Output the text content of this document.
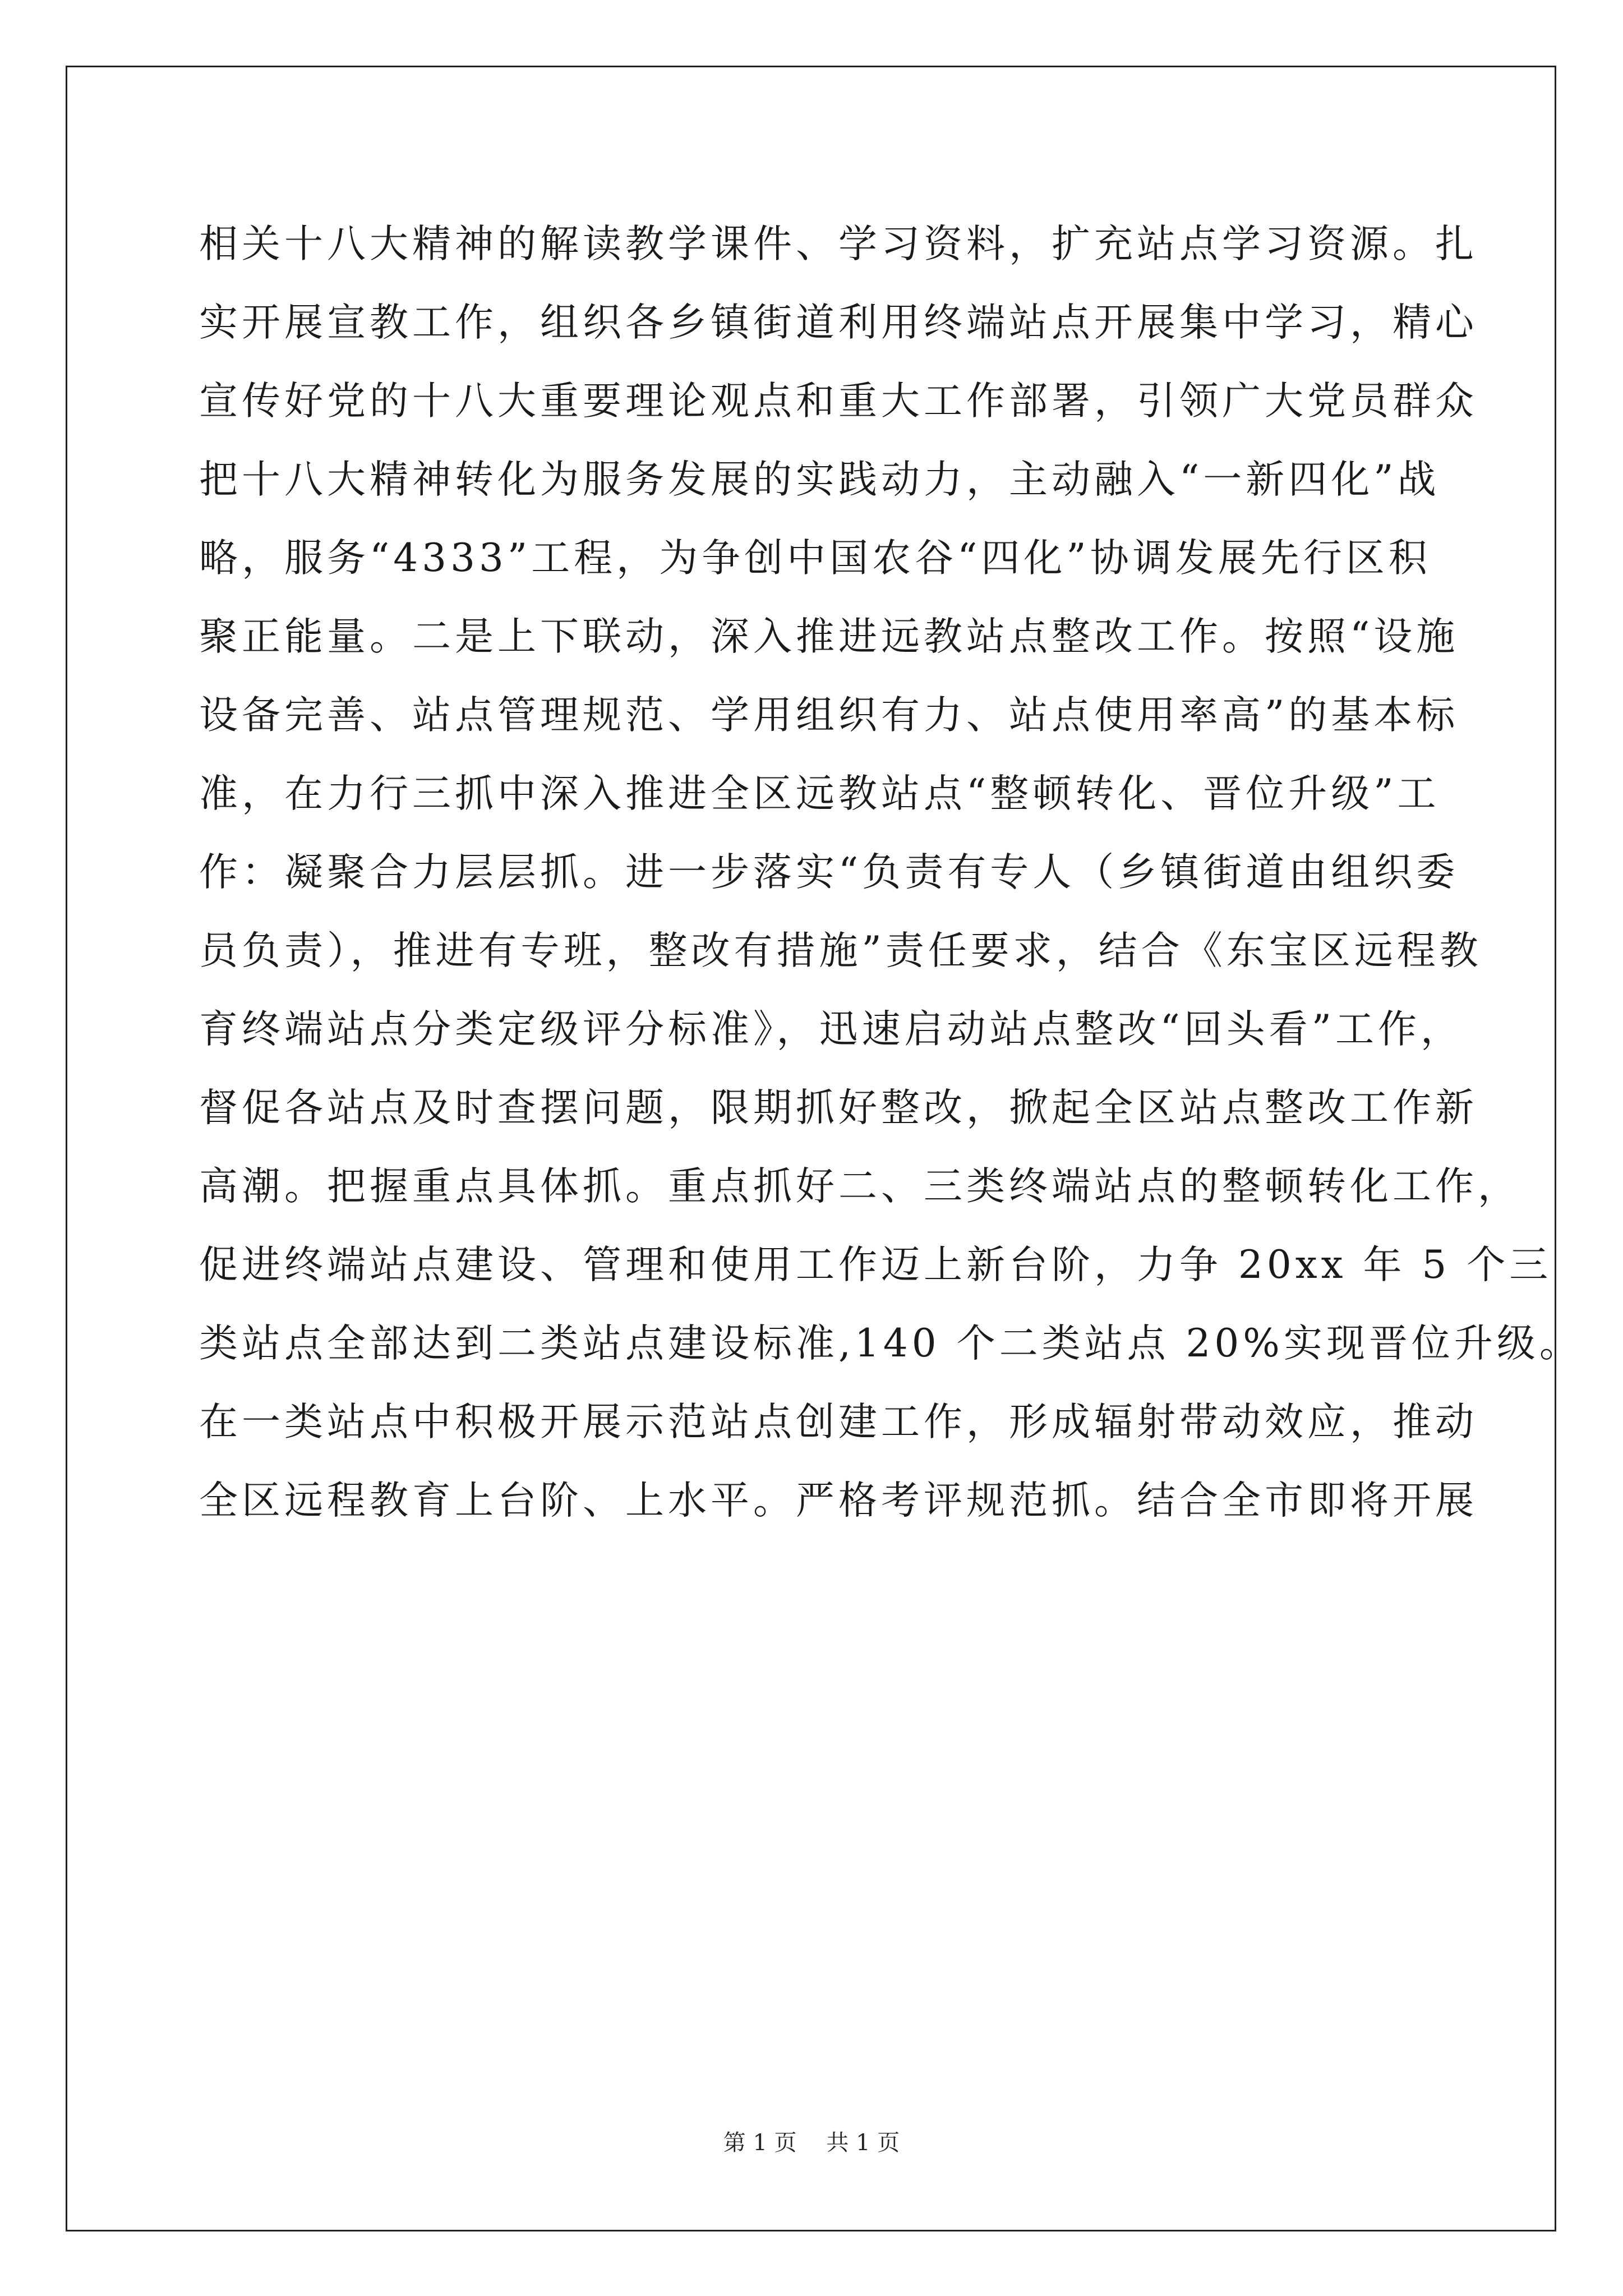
相关十八大精神的解读教学课件、学习资料，扩充站点学习资源。扎
实开展宣教工作，组织各乡镇街道利用终端站点开展集中学习，精心
宣传好党的十八大重要理论观点和重大工作部署，引领广大党员群众
把十八大精神转化为服务发展的实践动力，主动融入“一新四化”战
略，服务“4333”工程，为争创中国农谷“四化”协调发展先行区积
聚正能量。二是上下联动，深入推进远教站点整改工作。按照“设施
设备完善、站点管理规范、学用组织有力、站点使用率高”的基本标
准，在力行三抓中深入推进全区远教站点“整顿转化、晋位升级”工
作：凝聚合力层层抓。进一步落实“负责有专人（乡镇街道由组织委
员负责），推进有专班，整改有措施”责任要求，结合《东宝区远程教
育终端站点分类定级评分标准》，迅速启动站点整改“回头看”工作，
督促各站点及时查摆问题，限期抓好整改，掀起全区站点整改工作新
高潮。把握重点具体抓。重点抓好二、三类终端站点的整顿转化工作，
促进终端站点建设、管理和使用工作迈上新台阶，力争 20xx 年 5 个三
类站点全部达到二类站点建设标准,140 个二类站点 20%实现晋位升级。
在一类站点中积极开展示范站点创建工作，形成辐射带动效应，推动
全区远程教育上台阶、上水平。严格考评规范抓。结合全市即将开展
第 1 页 共 1 页
